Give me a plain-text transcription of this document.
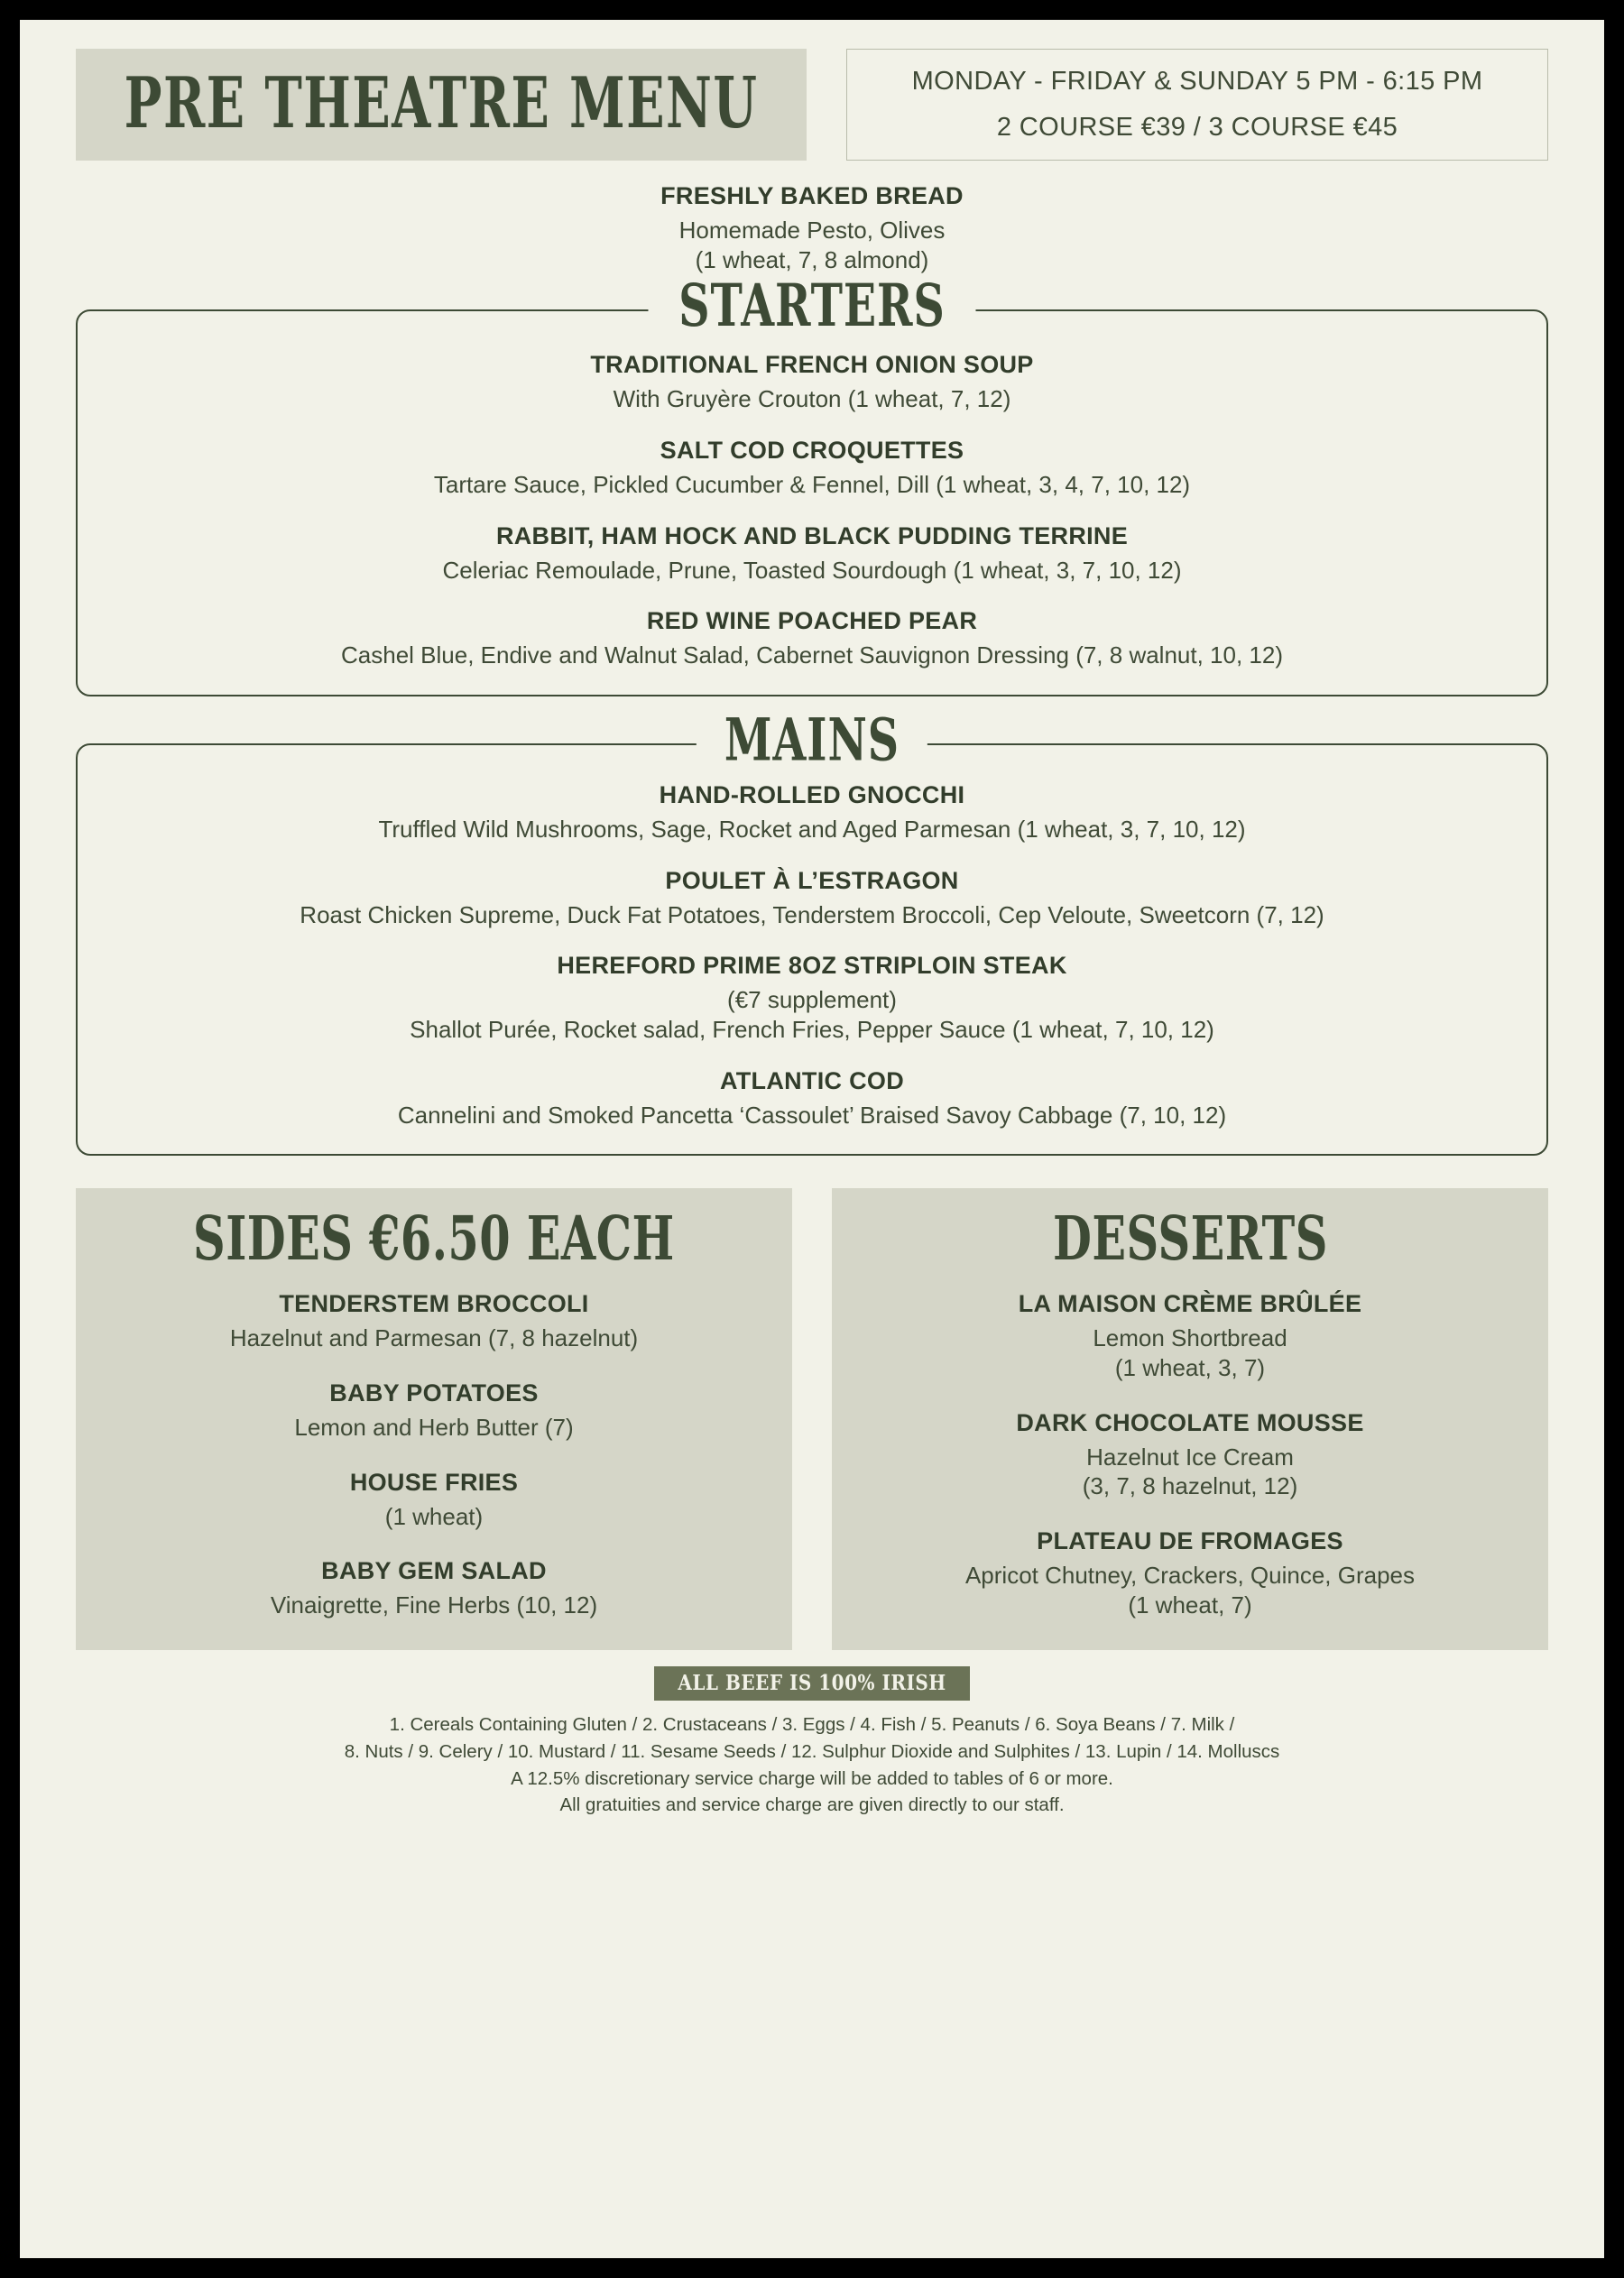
PRE THEATRE MENU	MONDAY - FRIDAY & SUNDAY 5 PM - 6:15 PM
2 COURSE €39 / 3 COURSE €45
FRESHLY BAKED BREAD
Homemade Pesto, Olives
(1 wheat, 7, 8 almond)
STARTERS
TRADITIONAL FRENCH ONION SOUP
With Gruyère Crouton (1 wheat, 7, 12)
SALT COD CROQUETTES
Tartare Sauce, Pickled Cucumber & Fennel, Dill (1 wheat, 3, 4, 7, 10, 12)
RABBIT, HAM HOCK AND BLACK PUDDING TERRINE
Celeriac Remoulade, Prune, Toasted Sourdough (1 wheat, 3, 7, 10, 12)
RED WINE POACHED PEAR
Cashel Blue, Endive and Walnut Salad, Cabernet Sauvignon Dressing (7, 8 walnut, 10, 12)
MAINS
HAND-ROLLED GNOCCHI
Truffled Wild Mushrooms, Sage, Rocket and Aged Parmesan (1 wheat, 3, 7, 10, 12)
POULET À L’ESTRAGON
Roast Chicken Supreme, Duck Fat Potatoes, Tenderstem Broccoli, Cep Veloute, Sweetcorn (7, 12)
HEREFORD PRIME 8OZ STRIPLOIN STEAK
(€7 supplement)
Shallot Purée, Rocket salad, French Fries, Pepper Sauce (1 wheat, 7, 10, 12)
ATLANTIC COD
Cannelini and Smoked Pancetta ‘Cassoulet’ Braised Savoy Cabbage (7, 10, 12)
SIDES €6.50 EACH
TENDERSTEM BROCCOLI
Hazelnut and Parmesan (7, 8 hazelnut)
BABY POTATOES
Lemon and Herb Butter (7)
HOUSE FRIES
(1 wheat)
BABY GEM SALAD
Vinaigrette, Fine Herbs (10, 12)
DESSERTS
LA MAISON CRÈME BRÛLÉE
Lemon Shortbread
(1 wheat, 3, 7)
DARK CHOCOLATE MOUSSE
Hazelnut Ice Cream
(3, 7, 8 hazelnut, 12)
PLATEAU DE FROMAGES
Apricot Chutney, Crackers, Quince, Grapes
(1 wheat, 7)
ALL BEEF IS 100% IRISH
1. Cereals Containing Gluten / 2. Crustaceans / 3. Eggs / 4. Fish / 5. Peanuts / 6. Soya Beans / 7. Milk /
8. Nuts / 9. Celery / 10. Mustard / 11. Sesame Seeds / 12. Sulphur Dioxide and Sulphites / 13. Lupin / 14. Molluscs
A 12.5% discretionary service charge will be added to tables of 6 or more.
All gratuities and service charge are given directly to our staff.
